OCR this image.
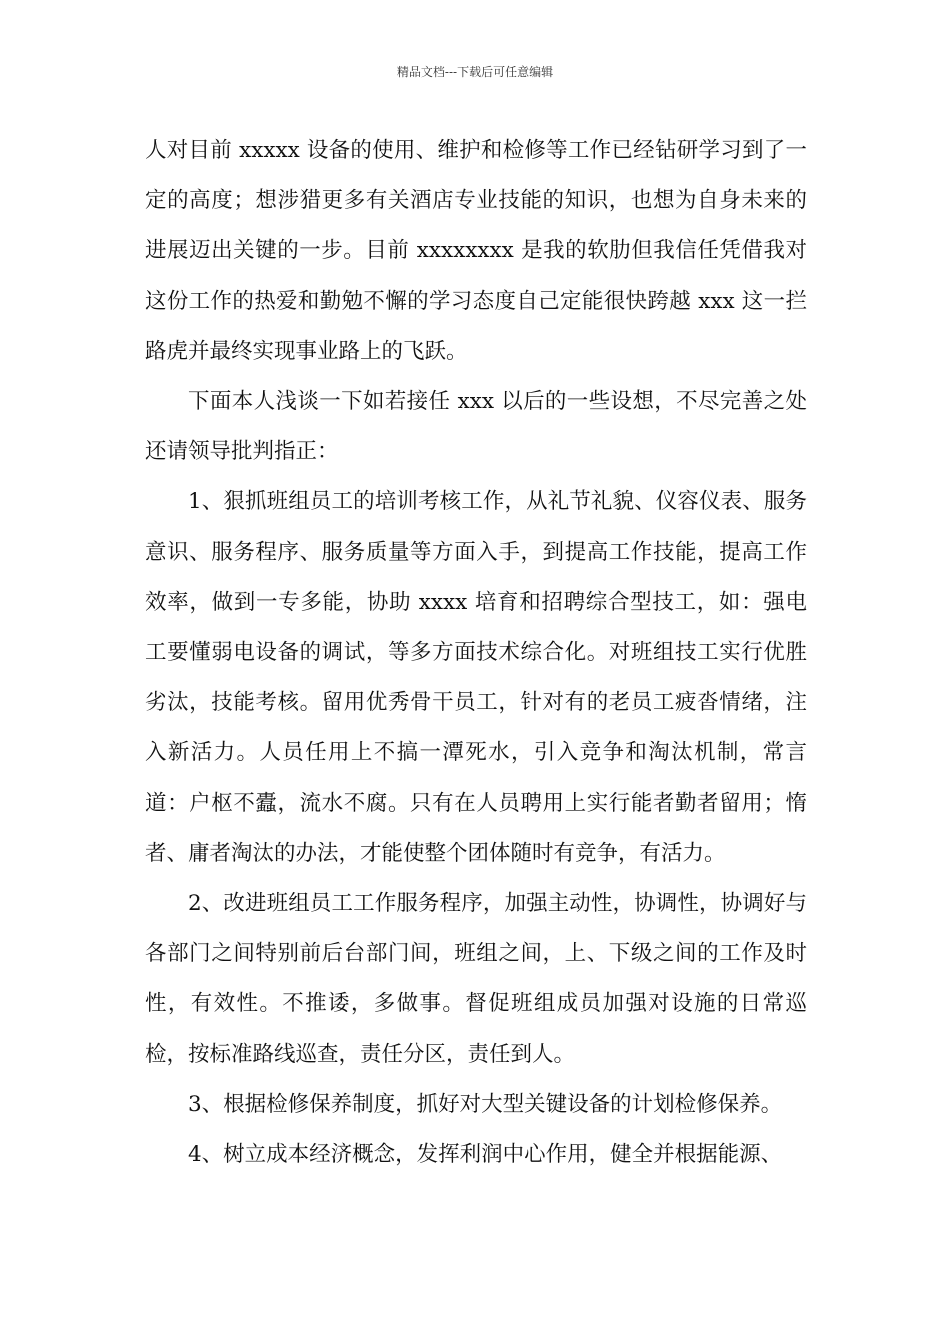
精品文档---下载后可任意编辑

人对目前 xxxxx 设备的使用、维护和检修等工作已经钻研学习到了一定的高度；想涉猎更多有关酒店专业技能的知识，也想为自身未来的进展迈出关键的一步。目前 xxxxxxxx 是我的软肋但我信任凭借我对这份工作的热爱和勤勉不懈的学习态度自己定能很快跨越 xxx 这一拦路虎并最终实现事业路上的飞跃。

下面本人浅谈一下如若接任 xxx 以后的一些设想，不尽完善之处还请领导批判指正：

1、狠抓班组员工的培训考核工作，从礼节礼貌、仪容仪表、服务意识、服务程序、服务质量等方面入手，到提高工作技能，提高工作效率，做到一专多能，协助 xxxx 培育和招聘综合型技工，如：强电工要懂弱电设备的调试，等多方面技术综合化。对班组技工实行优胜劣汰，技能考核。留用优秀骨干员工，针对有的老员工疲沓情绪，注入新活力。人员任用上不搞一潭死水，引入竞争和淘汰机制，常言道：户枢不蠹，流水不腐。只有在人员聘用上实行能者勤者留用；惰者、庸者淘汰的办法，才能使整个团体随时有竞争，有活力。

2、改进班组员工工作服务程序，加强主动性，协调性，协调好与各部门之间特别前后台部门间，班组之间，上、下级之间的工作及时性，有效性。不推诿，多做事。督促班组成员加强对设施的日常巡检，按标准路线巡查，责任分区，责任到人。

3、根据检修保养制度，抓好对大型关键设备的计划检修保养。

4、树立成本经济概念，发挥利润中心作用，健全并根据能源、
